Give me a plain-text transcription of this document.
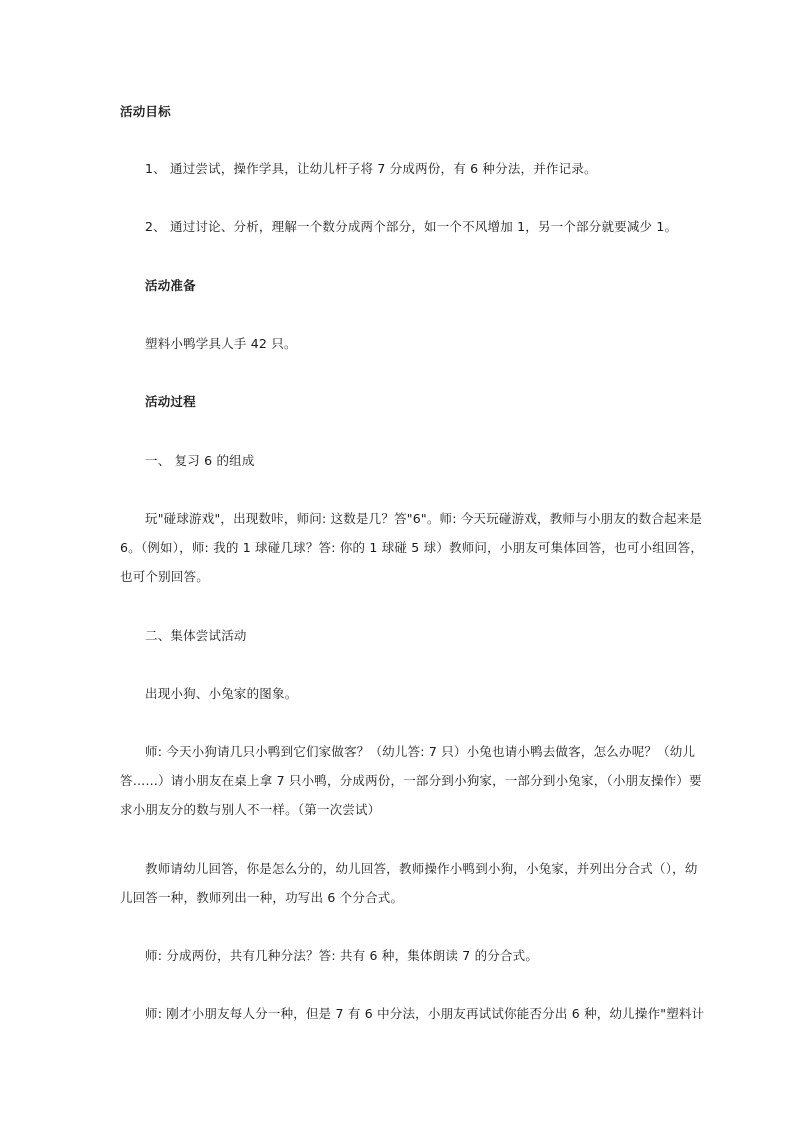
活动目标
1、 通过尝试，操作学具，让幼儿杆子将 7 分成两份，有 6 种分法，并作记录。
2、 通过讨论、分析，理解一个数分成两个部分，如一个不风增加 1，另一个部分就要减少 1。
活动准备
塑料小鸭学具人手 42 只。
活动过程
一、 复习 6 的组成
玩"碰球游戏"，出现数咔，师问: 这数是几？答"6"。师: 今天玩碰游戏，教师与小朋友的数合起来是
6。（例如），师: 我的 1 球碰几球？答: 你的 1 球碰 5 球）教师问，小朋友可集体回答，也可小组回答，
也可个别回答。
二、集体尝试活动
出现小狗、小兔家的图象。
师: 今天小狗请几只小鸭到它们家做客？（幼儿答: 7 只）小兔也请小鸭去做客，怎么办呢？（幼儿
答……）请小朋友在桌上拿 7 只小鸭，分成两份，一部分到小狗家，一部分到小兔家，（小朋友操作）要
求小朋友分的数与别人不一样。（第一次尝试）
教师请幼儿回答，你是怎么分的，幼儿回答，教师操作小鸭到小狗，小兔家，并列出分合式（），幼
儿回答一种，教师列出一种，功写出 6 个分合式。
师: 分成两份，共有几种分法？答: 共有 6 种，集体朗读 7 的分合式。
师: 刚才小朋友每人分一种，但是 7 有 6 中分法，小朋友再试试你能否分出 6 种，幼儿操作"塑料计
